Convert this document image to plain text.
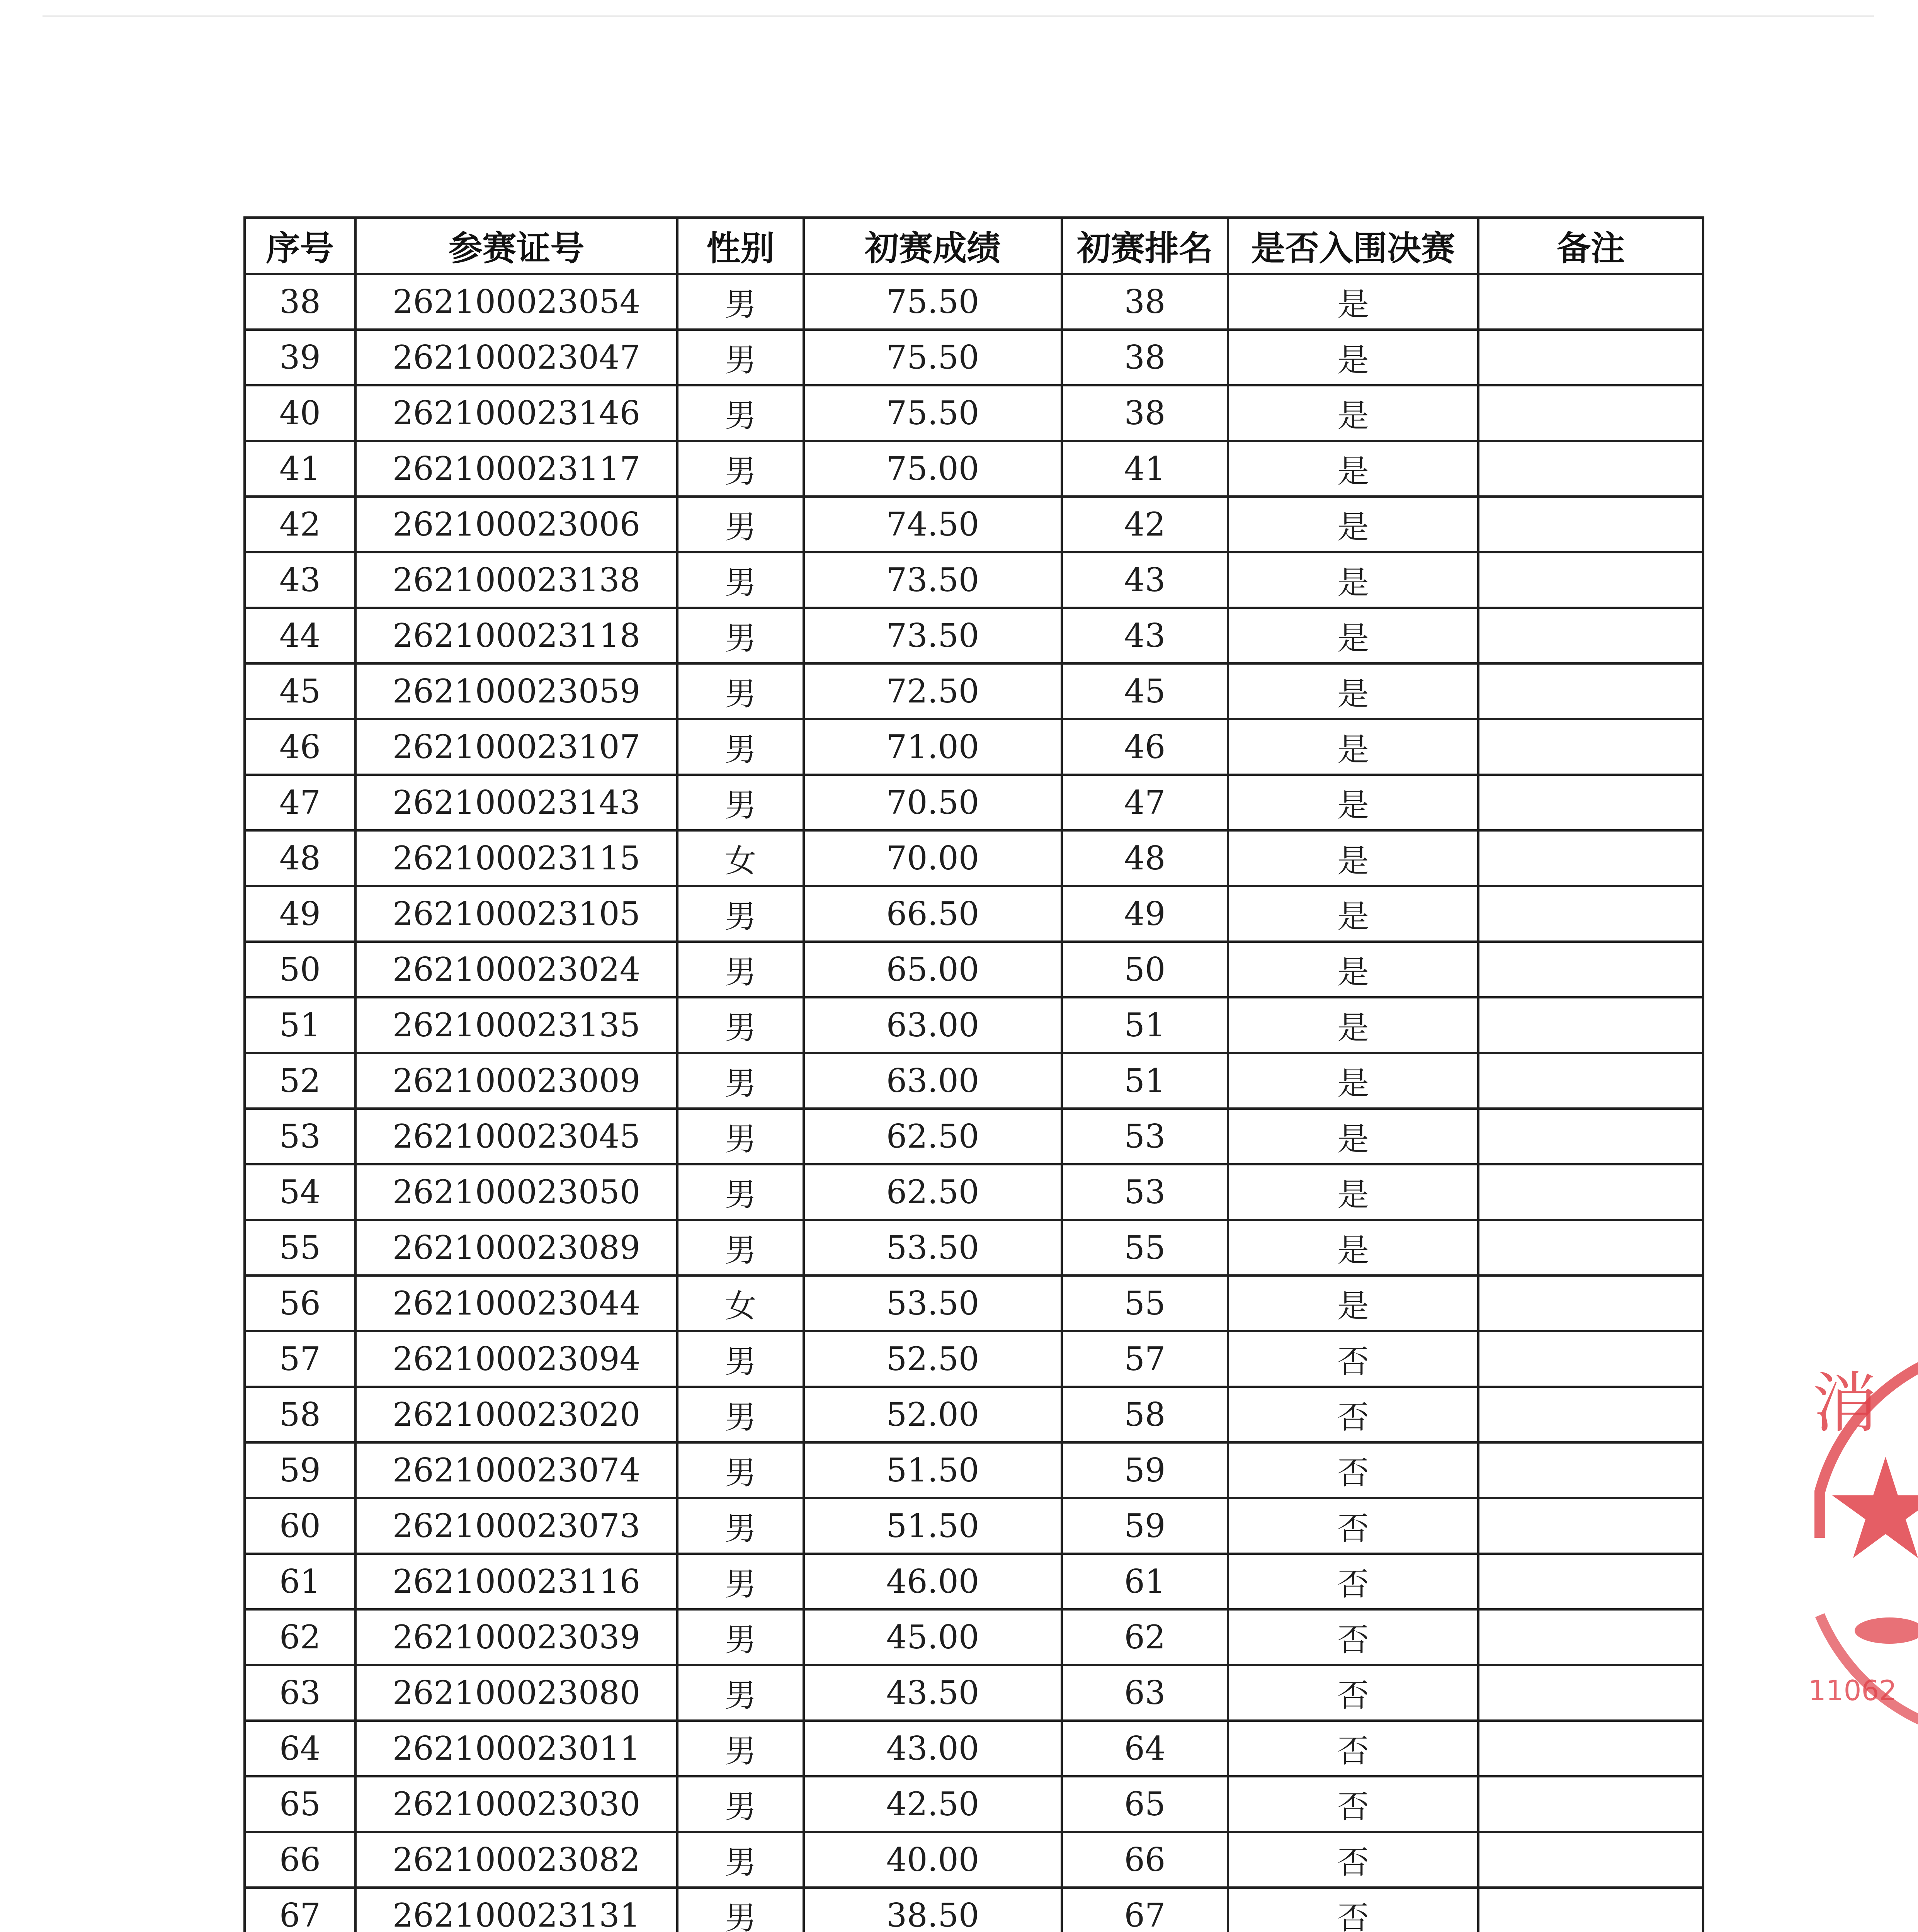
序号	参赛证号	性别	初赛成绩	初赛排名	是否入围决赛	备注
38	262100023054	男	75.50	38	是	
39	262100023047	男	75.50	38	是	
40	262100023146	男	75.50	38	是	
41	262100023117	男	75.00	41	是	
42	262100023006	男	74.50	42	是	
43	262100023138	男	73.50	43	是	
44	262100023118	男	73.50	43	是	
45	262100023059	男	72.50	45	是	
46	262100023107	男	71.00	46	是	
47	262100023143	男	70.50	47	是	
48	262100023115	女	70.00	48	是	
49	262100023105	男	66.50	49	是	
50	262100023024	男	65.00	50	是	
51	262100023135	男	63.00	51	是	
52	262100023009	男	63.00	51	是	
53	262100023045	男	62.50	53	是	
54	262100023050	男	62.50	53	是	
55	262100023089	男	53.50	55	是	
56	262100023044	女	53.50	55	是	
57	262100023094	男	52.50	57	否	
58	262100023020	男	52.00	58	否	
59	262100023074	男	51.50	59	否	
60	262100023073	男	51.50	59	否	
61	262100023116	男	46.00	61	否	
62	262100023039	男	45.00	62	否	
63	262100023080	男	43.50	63	否	
64	262100023011	男	43.00	64	否	
65	262100023030	男	42.50	65	否	
66	262100023082	男	40.00	66	否	
67	262100023131	男	38.50	67	否	

消
11062
